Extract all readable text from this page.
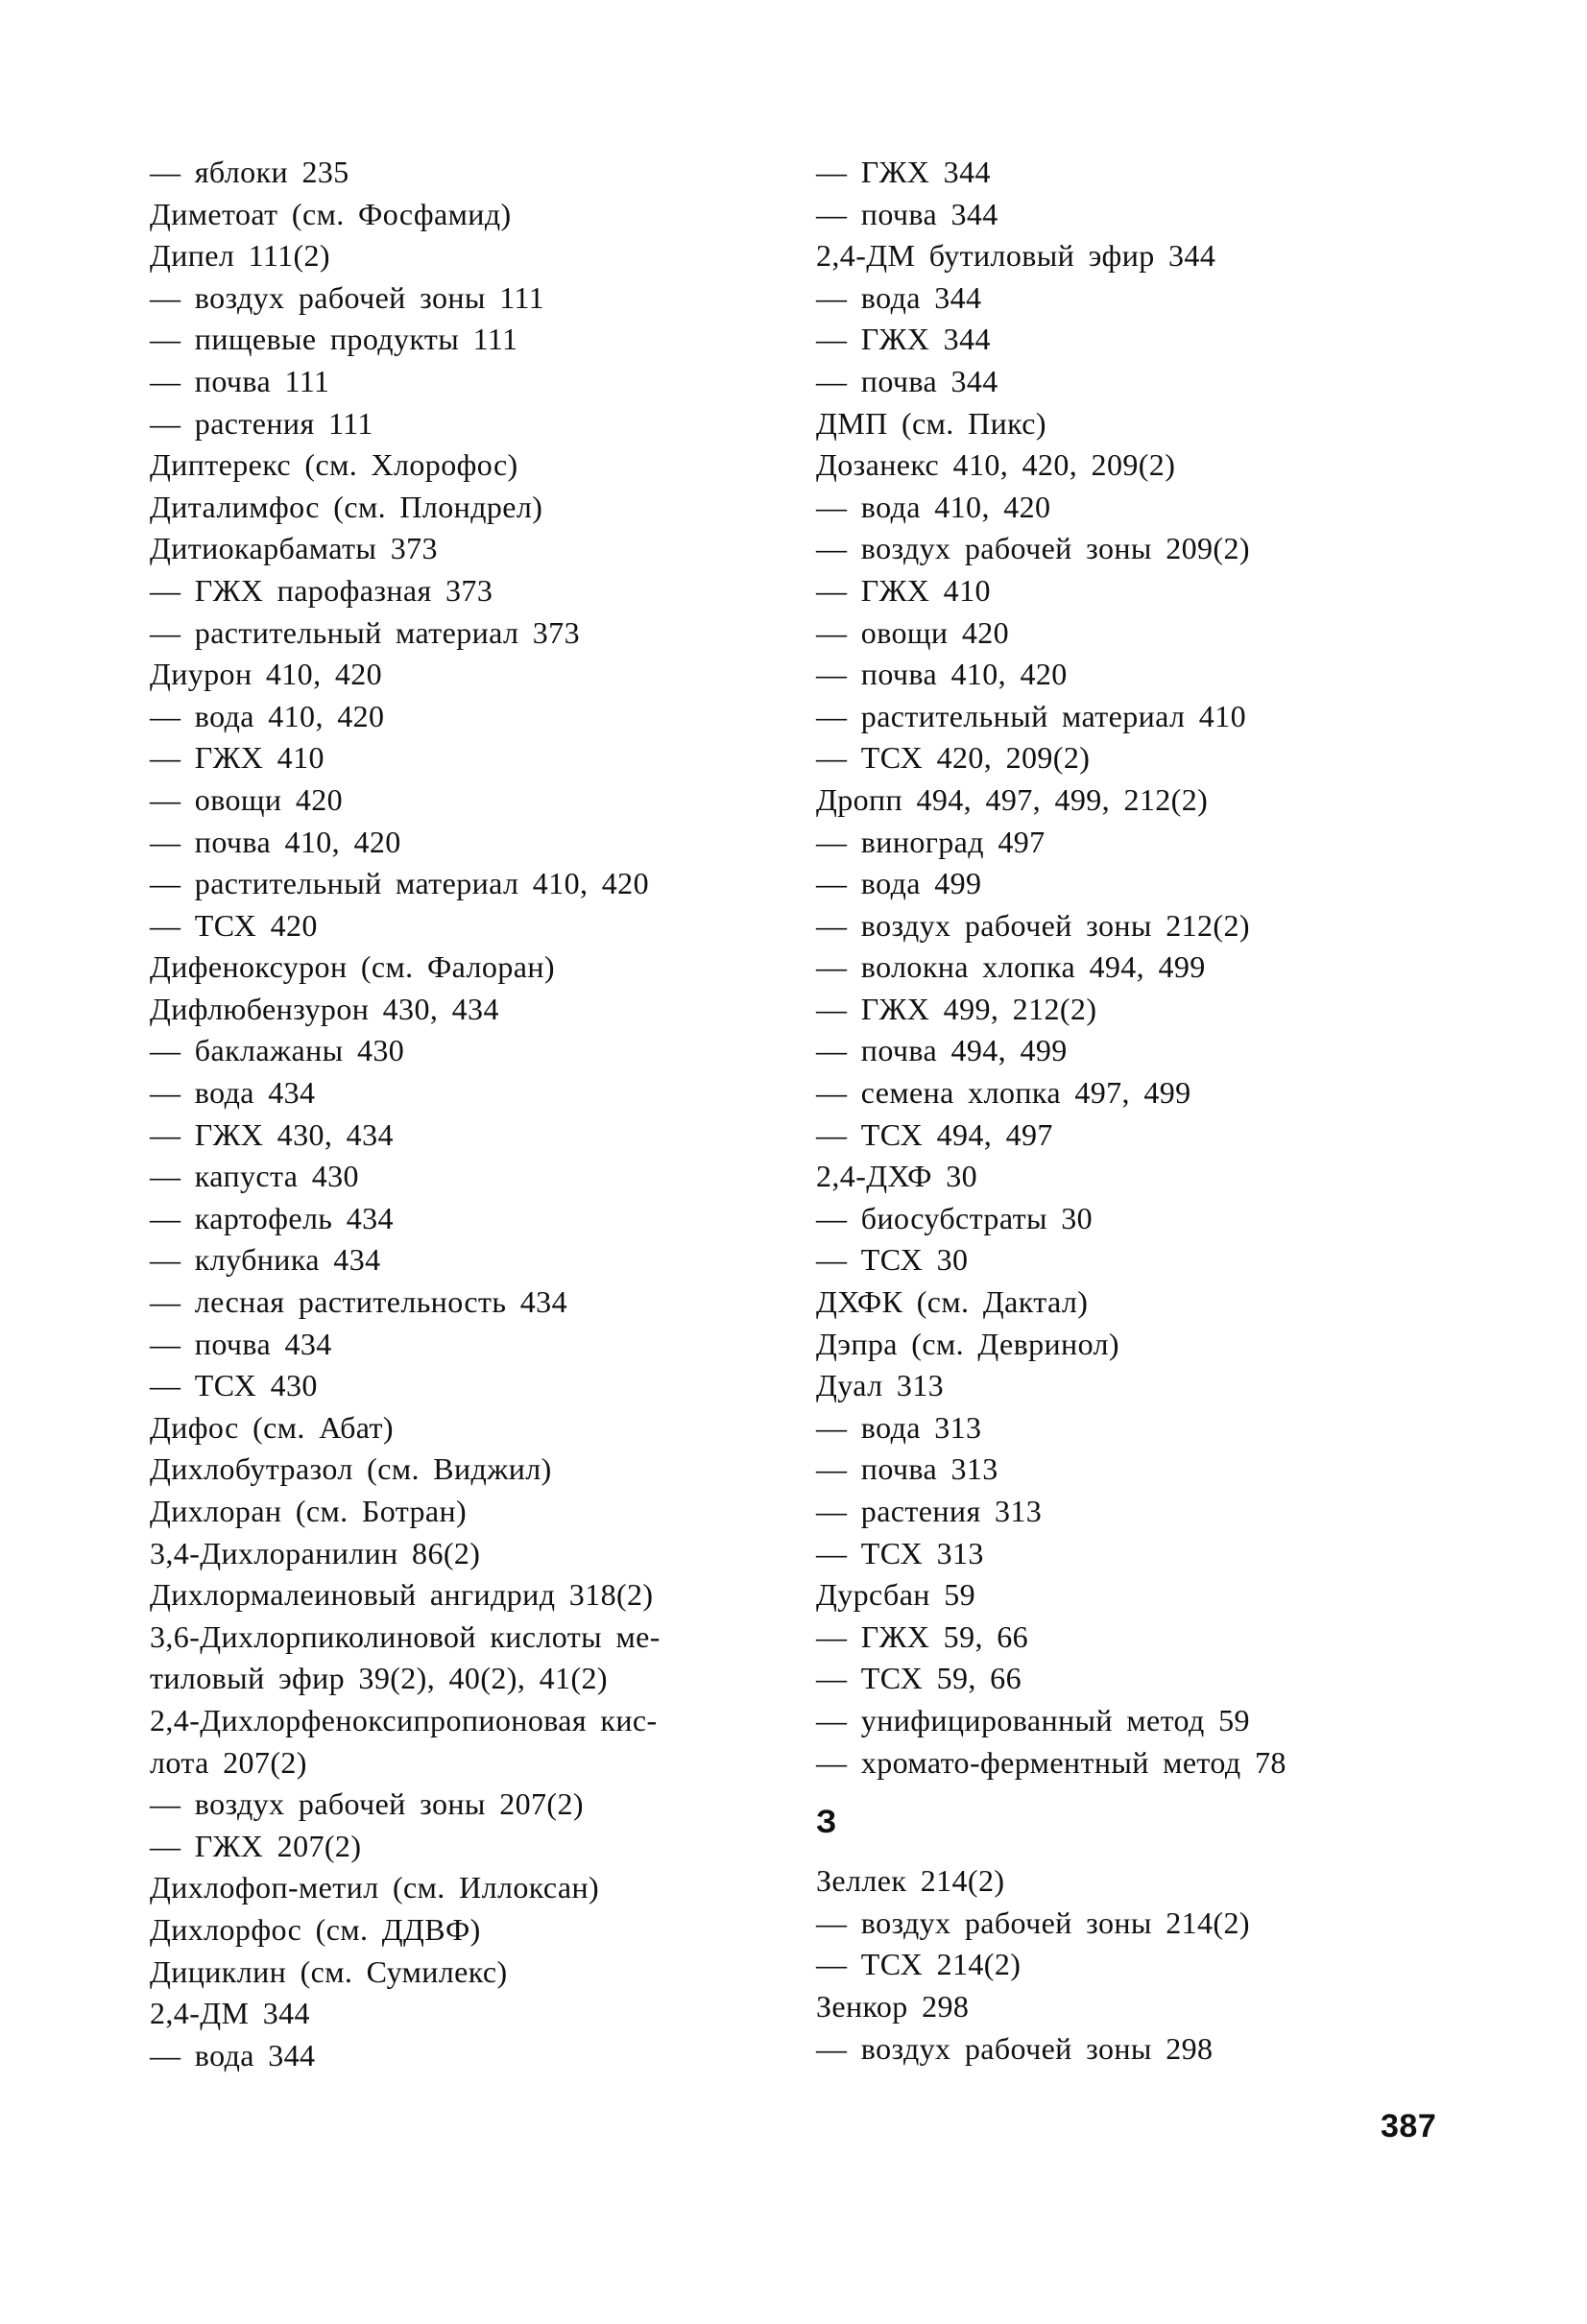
— яблоки 235
Диметоат (см. Фосфамид)
Дипел 111(2)
— воздух рабочей зоны 111
— пищевые продукты 111
— почва 111
— растения 111
Диптерекс (см. Хлорофос)
Диталимфос (см. Плондрел)
Дитиокарбаматы 373
— ГЖХ парофазная 373
— растительный материал 373
Диурон 410, 420
— вода 410, 420
— ГЖХ 410
— овощи 420
— почва 410, 420
— растительный материал 410, 420
— ТСХ 420
Дифеноксурон (см. Фалоран)
Дифлюбензурон 430, 434
— баклажаны 430
— вода 434
— ГЖХ 430, 434
— капуста 430
— картофель 434
— клубника 434
— лесная растительность 434
— почва 434
— ТСХ 430
Дифос (см. Абат)
Дихлобутразол (см. Виджил)
Дихлоран (см. Ботран)
3,4-Дихлоранилин 86(2)
Дихлормалеиновый ангидрид 318(2)
3,6-Дихлорпиколиновой кислоты ме-
тиловый эфир 39(2), 40(2), 41(2)
2,4-Дихлорфеноксипропионовая кис-
лота 207(2)
— воздух рабочей зоны 207(2)
— ГЖХ 207(2)
Дихлофоп-метил (см. Иллоксан)
Дихлорфос (см. ДДВФ)
Дициклин (см. Сумилекс)
2,4-ДМ 344
— вода 344
— ГЖХ 344
— почва 344
2,4-ДМ бутиловый эфир 344
— вода 344
— ГЖХ 344
— почва 344
ДМП (см. Пикс)
Дозанекс 410, 420, 209(2)
— вода 410, 420
— воздух рабочей зоны 209(2)
— ГЖХ 410
— овощи 420
— почва 410, 420
— растительный материал 410
— ТСХ 420, 209(2)
Дропп 494, 497, 499, 212(2)
— виноград 497
— вода 499
— воздух рабочей зоны 212(2)
— волокна хлопка 494, 499
— ГЖХ 499, 212(2)
— почва 494, 499
— семена хлопка 497, 499
— ТСХ 494, 497
2,4-ДХФ 30
— биосубстраты 30
— ТСХ 30
ДХФК (см. Дактал)
Дэпра (см. Девринол)
Дуал 313
— вода 313
— почва 313
— растения 313
— ТСХ 313
Дурсбан 59
— ГЖХ 59, 66
— ТСХ 59, 66
— унифицированный метод 59
— хромато-ферментный метод 78
З
Зеллек 214(2)
— воздух рабочей зоны 214(2)
— ТСХ 214(2)
Зенкор 298
— воздух рабочей зоны 298
387
